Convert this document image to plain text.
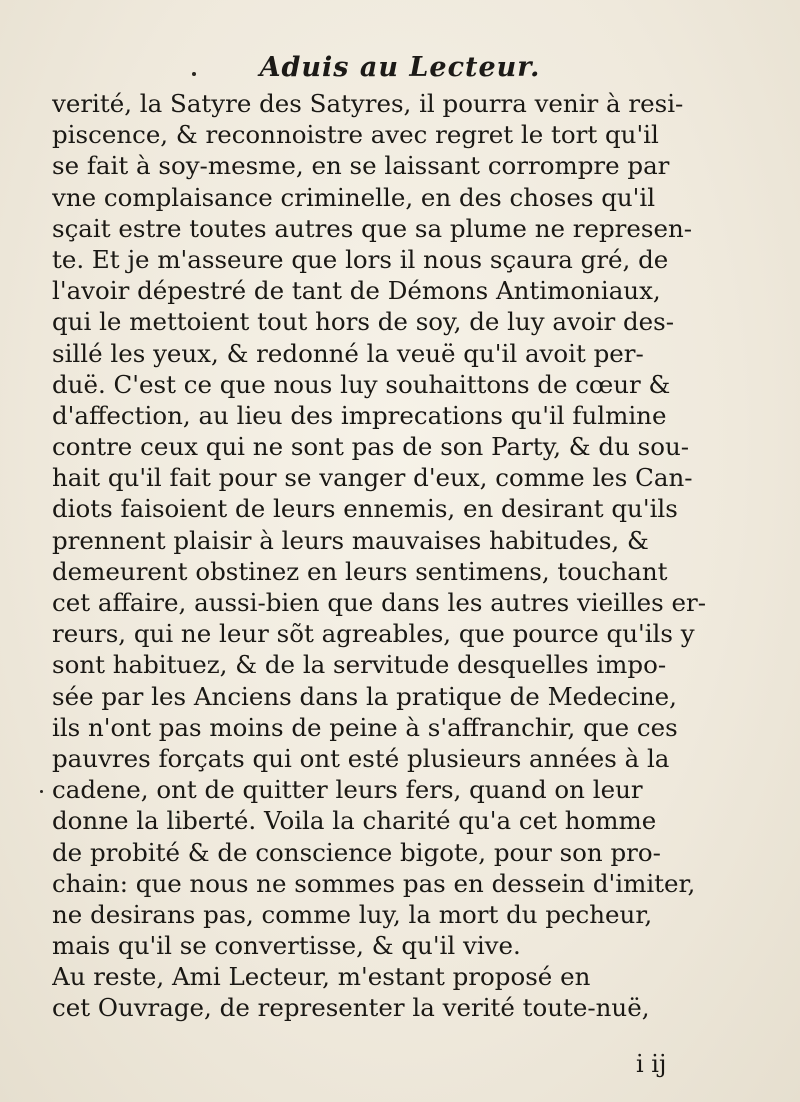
Aduis au Lecteur.
verité, la Satyre des Satyres, il pourra venir à resi-
piscence, & reconnoistre avec regret le tort qu'il
se fait à soy-mesme, en se laissant corrompre par
vne complaisance criminelle, en des choses qu'il
sçait estre toutes autres que sa plume ne represen-
te. Et je m'asseure que lors il nous sçaura gré, de
l'avoir dépestré de tant de Démons Antimoniaux,
qui le mettoient tout hors de soy, de luy avoir des-
sillé les yeux, & redonné la veuë qu'il avoit per-
duë. C'est ce que nous luy souhaittons de cœur &
d'affection, au lieu des imprecations qu'il fulmine
contre ceux qui ne sont pas de son Party, & du sou-
hait qu'il fait pour se vanger d'eux, comme les Can-
diots faisoient de leurs ennemis, en desirant qu'ils
prennent plaisir à leurs mauvaises habitudes, &
demeurent obstinez en leurs sentimens, touchant
cet affaire, aussi-bien que dans les autres vieilles er-
reurs, qui ne leur sõt agreables, que pource qu'ils y
sont habituez, & de la servitude desquelles impo-
sée par les Anciens dans la pratique de Medecine,
ils n'ont pas moins de peine à s'affranchir, que ces
pauvres forçats qui ont esté plusieurs années à la
cadene, ont de quitter leurs fers, quand on leur
donne la liberté. Voila la charité qu'a cet homme
de probité & de conscience bigote, pour son pro-
chain: que nous ne sommes pas en dessein d'imiter,
ne desirans pas, comme luy, la mort du pecheur,
mais qu'il se convertisse, & qu'il vive.
Au reste, Ami Lecteur, m'estant proposé en
cet Ouvrage, de representer la verité toute-nuë,
i ij
